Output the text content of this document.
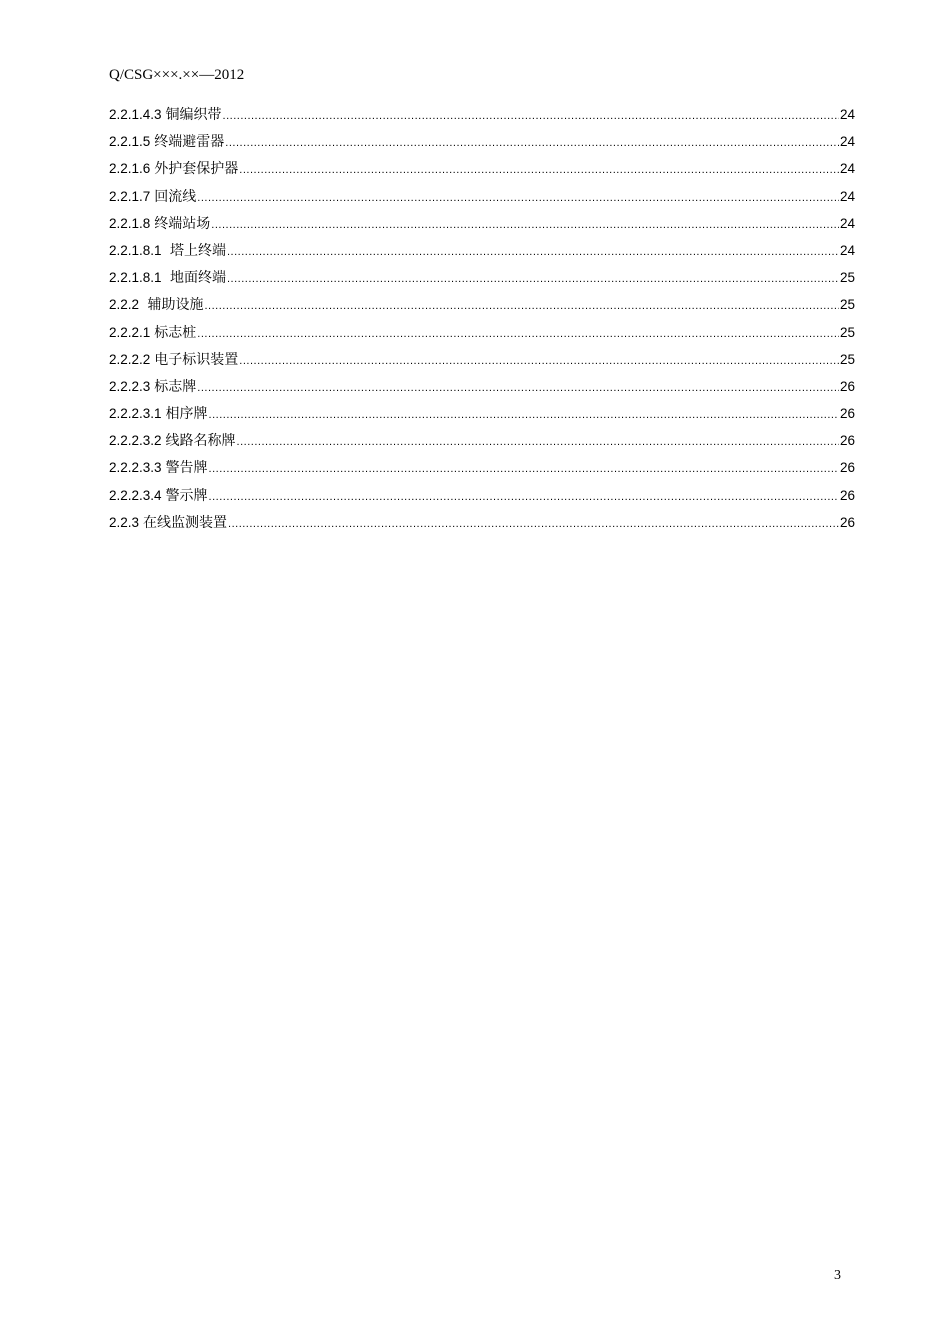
Q/CSG×××.××—2012
2.2.1.4.3 铜编织带 .....	24
2.2.1.5 终端避雷器 .....	24
2.2.1.6 外护套保护器 .....	24
2.2.1.7 回流线 .....	24
2.2.1.8 终端站场 .....	24
2.2.1.8.1 塔上终端 .....	24
2.2.1.8.1 地面终端 .....	25
2.2.2 辅助设施 .....	25
2.2.2.1 标志桩 .....	25
2.2.2.2 电子标识装置 .....	25
2.2.2.3 标志牌 .....	26
2.2.2.3.1 相序牌 .....	26
2.2.2.3.2 线路名称牌 .....	26
2.2.2.3.3 警告牌 .....	26
2.2.2.3.4 警示牌 .....	26
2.2.3 在线监测装置 .....	26
3
